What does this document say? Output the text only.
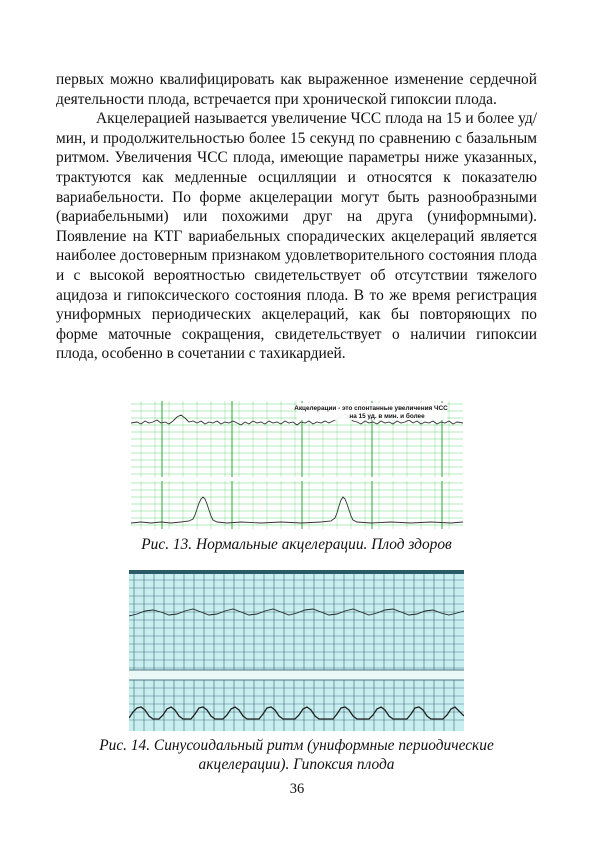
первых можно квалифицировать как выраженное изменение сердечной деятельности плода, встречается при хронической гипоксии плода.

Акцелерацией называется увеличение ЧСС плода на 15 и более уд/мин, и продолжительностью более 15 секунд по сравнению с базальным ритмом. Увеличения ЧСС плода, имеющие параметры ниже указанных, трактуются как медленные осцилляции и относятся к показателю вариабельности. По форме акцелерации могут быть разнообразными (вариабельными) или похожими друг на друга (униформными). Появление на КТГ вариабельных спорадических акцелераций является наиболее достоверным признаком удовлетворительного состояния плода и с высокой вероятностью свидетельствует об отсутствии тяжелого ацидоза и гипоксического состояния плода. В то же время регистрация униформных периодических акцелераций, как бы повторяющих по форме маточные сокращения, свидетельствует о наличии гипоксии плода, особенно в сочетании с тахикардией.

Акцелерации - это спонтанные увеличения ЧСС
на 15 уд. в мин. и более
Рис. 13. Нормальные акцелерации. Плод здоров
Рис. 14. Синусоидальный ритм (униформные периодические акцелерации). Гипоксия плода
36
